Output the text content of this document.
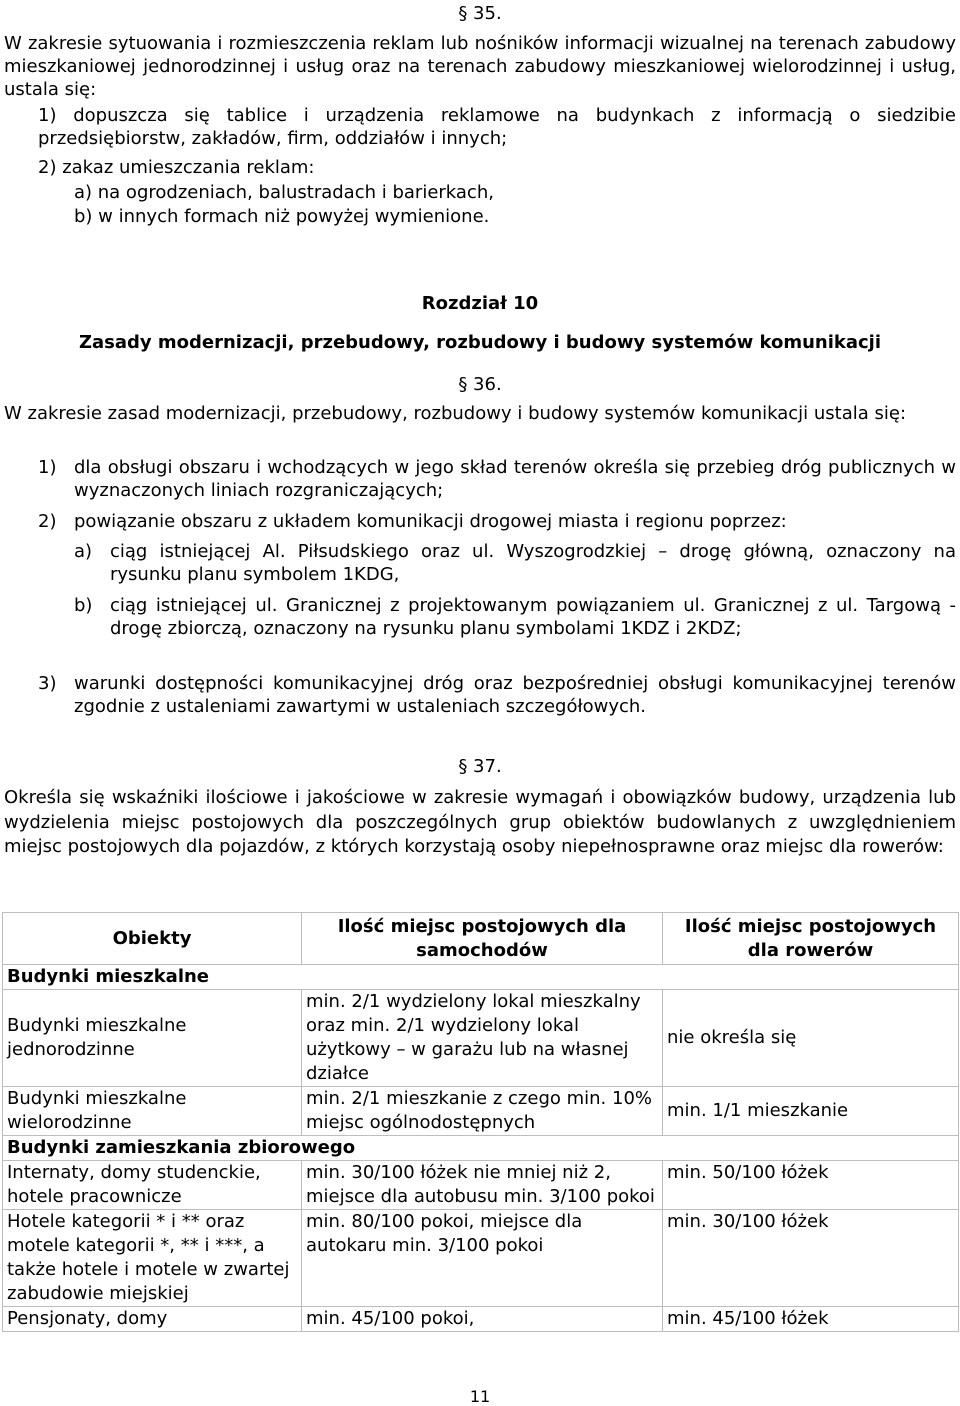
§ 35.
W zakresie sytuowania i rozmieszczenia reklam lub nośników informacji wizualnej na terenach zabudowy mieszkaniowej jednorodzinnej i usług oraz na terenach zabudowy mieszkaniowej wielorodzinnej i usług, ustala się:
1) dopuszcza się tablice i urządzenia reklamowe na budynkach z informacją o siedzibie przedsiębiorstw, zakładów, firm, oddziałów i innych;
2) zakaz umieszczania reklam:
a) na ogrodzeniach, balustradach i barierkach,
b) w innych formach niż powyżej wymienione.
Rozdział 10
Zasady modernizacji, przebudowy, rozbudowy i budowy systemów komunikacji
§ 36.
W zakresie zasad modernizacji, przebudowy, rozbudowy i budowy systemów komunikacji ustala się:
1) dla obsługi obszaru i wchodzących w jego skład terenów określa się przebieg dróg publicznych w wyznaczonych liniach rozgraniczających;
2) powiązanie obszaru z układem komunikacji drogowej miasta i regionu poprzez:
a) ciąg istniejącej Al. Piłsudskiego oraz ul. Wyszogrodzkiej – drogę główną, oznaczony na rysunku planu symbolem 1KDG,
b) ciąg istniejącej ul. Granicznej z projektowanym powiązaniem ul. Granicznej z ul. Targową - drogę zbiorczą, oznaczony na rysunku planu symbolami 1KDZ i 2KDZ;
3) warunki dostępności komunikacyjnej dróg oraz bezpośredniej obsługi komunikacyjnej terenów zgodnie z ustaleniami zawartymi w ustaleniach szczegółowych.
§ 37.
Określa się wskaźniki ilościowe i jakościowe w zakresie wymagań i obowiązków budowy, urządzenia lub wydzielenia miejsc postojowych dla poszczególnych grup obiektów budowlanych z uwzględnieniem miejsc postojowych dla pojazdów, z których korzystają osoby niepełnosprawne oraz miejsc dla rowerów:
Obiekty	Ilość miejsc postojowych dla samochodów	Ilość miejsc postojowych dla rowerów
Budynki mieszkalne		
Budynki mieszkalne jednorodzinne	min. 2/1 wydzielony lokal mieszkalny oraz min. 2/1 wydzielony lokal użytkowy – w garażu lub na własnej działce	nie określa się
Budynki mieszkalne wielorodzinne	min. 2/1 mieszkanie z czego min. 10% miejsc ogólnodostępnych	min. 1/1 mieszkanie
Budynki zamieszkania zbiorowego		
Internaty, domy studenckie, hotele pracownicze	min. 30/100 łóżek nie mniej niż 2, miejsce dla autobusu min. 3/100 pokoi	min. 50/100 łóżek
Hotele kategorii * i ** oraz motele kategorii *, ** i ***, a także hotele i motele w zwartej zabudowie miejskiej	min. 80/100 pokoi, miejsce dla autokaru min. 3/100 pokoi	min. 30/100 łóżek
Pensjonaty, domy	min. 45/100 pokoi,	min. 45/100 łóżek
11
